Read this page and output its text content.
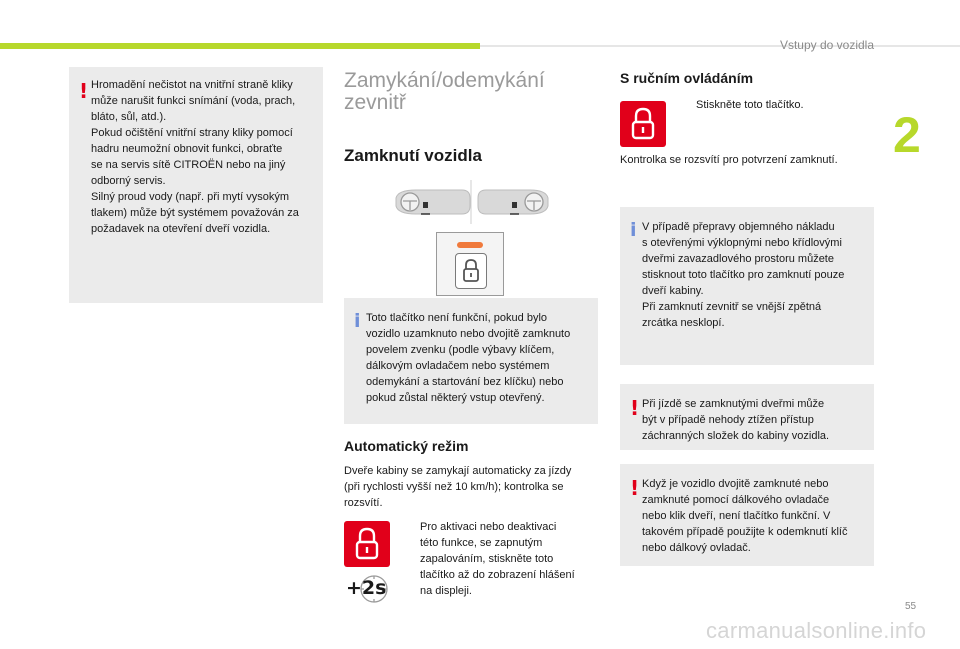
Vstupy do vozidla
2
! Hromadění nečistot na vnitřní straně kliky
může narušit funkci snímání (voda, prach,
bláto, sůl, atd.).
Pokud očištění vnitřní strany kliky pomocí
hadru neumožní obnovit funkci, obraťte
se na servis sítě CITROËN nebo na jiný
odborný servis.
Silný proud vody (např. při mytí vysokým
tlakem) může být systémem považován za
požadavek na otevření dveří vozidla.
Zamykání/odemykání
zevnitř
Zamknutí vozidla
i Toto tlačítko není funkční, pokud bylo
vozidlo uzamknuto nebo dvojitě zamknuto
povelem zvenku (podle výbavy klíčem,
dálkovým ovladačem nebo systémem
odemykání a startování bez klíčku) nebo
pokud zůstal některý vstup otevřený.
Automatický režim
Dveře kabiny se zamykají automaticky za jízdy
(při rychlosti vyšší než 10 km/h); kontrolka se
rozsvítí.
+2s
Pro aktivaci nebo deaktivaci
této funkce, se zapnutým
zapalováním, stiskněte toto
tlačítko až do zobrazení hlášení
na displeji.
S ručním ovládáním
Stiskněte toto tlačítko.
Kontrolka se rozsvítí pro potvrzení zamknutí.
i V případě přepravy objemného nákladu
s otevřenými výklopnými nebo křídlovými
dveřmi zavazadlového prostoru můžete
stisknout toto tlačítko pro zamknutí pouze
dveří kabiny.
Při zamknutí zevnitř se vnější zpětná
zrcátka nesklopí.
! Při jízdě se zamknutými dveřmi může
být v případě nehody ztížen přístup
záchranných složek do kabiny vozidla.
! Když je vozidlo dvojitě zamknuté nebo
zamknuté pomocí dálkového ovladače
nebo klik dveří, není tlačítko funkční. V
takovém případě použijte k odemknutí klíč
nebo dálkový ovladač.
55
carmanualsonline.info
